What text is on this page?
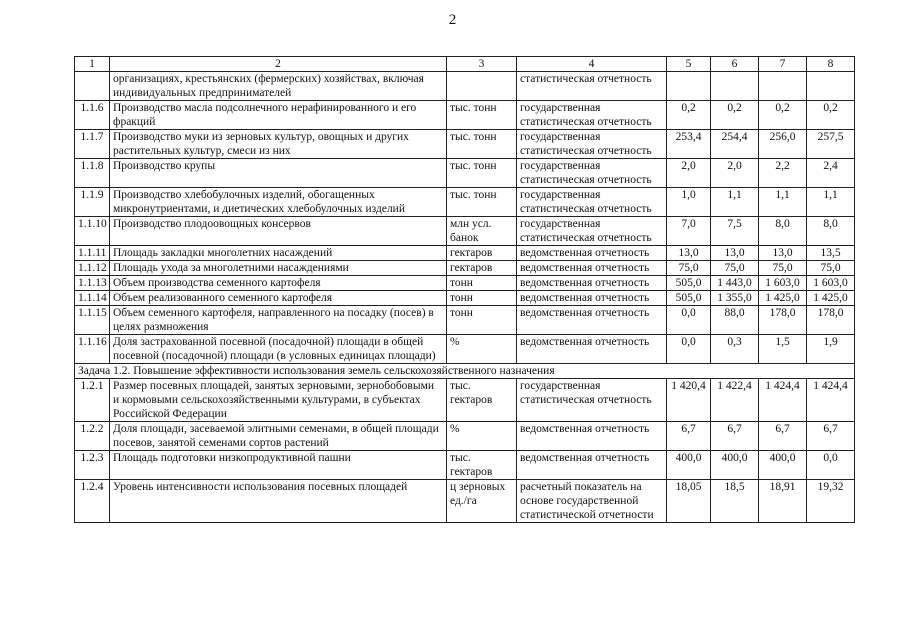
2
1	2	3	4	5	6	7	8
	организациях, крестьянских (фермерских) хозяйствах, включая индивидуальных предпринимателей		статистическая отчетность				
1.1.6	Производство масла подсолнечного нерафинированного и его фракций	тыс. тонн	государственная статистическая отчетность	0,2	0,2	0,2	0,2
1.1.7	Производство муки из зерновых культур, овощных и других растительных культур, смеси из них	тыс. тонн	государственная статистическая отчетность	253,4	254,4	256,0	257,5
1.1.8	Производство крупы	тыс. тонн	государственная статистическая отчетность	2,0	2,0	2,2	2,4
1.1.9	Производство хлебобулочных изделий, обогащенных микронутриентами, и диетических хлебобулочных изделий	тыс. тонн	государственная статистическая отчетность	1,0	1,1	1,1	1,1
1.1.10	Производство плодоовощных консервов	млн усл. банок	государственная статистическая отчетность	7,0	7,5	8,0	8,0
1.1.11	Площадь закладки многолетних насаждений	гектаров	ведомственная отчетность	13,0	13,0	13,0	13,5
1.1.12	Площадь ухода за многолетними насаждениями	гектаров	ведомственная отчетность	75,0	75,0	75,0	75,0
1.1.13	Объем производства семенного картофеля	тонн	ведомственная отчетность	505,0	1 443,0	1 603,0	1 603,0
1.1.14	Объем реализованного семенного картофеля	тонн	ведомственная отчетность	505,0	1 355,0	1 425,0	1 425,0
1.1.15	Объем семенного картофеля, направленного на посадку (посев) в целях размножения	тонн	ведомственная отчетность	0,0	88,0	178,0	178,0
1.1.16	Доля застрахованной посевной (посадочной) площади в общей посевной (посадочной) площади (в условных единицах площади)	%	ведомственная отчетность	0,0	0,3	1,5	1,9
Задача 1.2. Повышение эффективности использования земель сельскохозяйственного назначения							
1.2.1	Размер посевных площадей, занятых зерновыми, зернобобовыми и кормовыми сельскохозяйственными культурами, в субъектах Российской Федерации	тыс. гектаров	государственная статистическая отчетность	1 420,4	1 422,4	1 424,4	1 424,4
1.2.2	Доля площади, засеваемой элитными семенами, в общей площади посевов, занятой семенами сортов растений	%	ведомственная отчетность	6,7	6,7	6,7	6,7
1.2.3	Площадь подготовки низкопродуктивной пашни	тыс. гектаров	ведомственная отчетность	400,0	400,0	400,0	0,0
1.2.4	Уровень интенсивности использования посевных площадей	ц зерновых ед./га	расчетный показатель на основе государственной статистической отчетности	18,05	18,5	18,91	19,32
